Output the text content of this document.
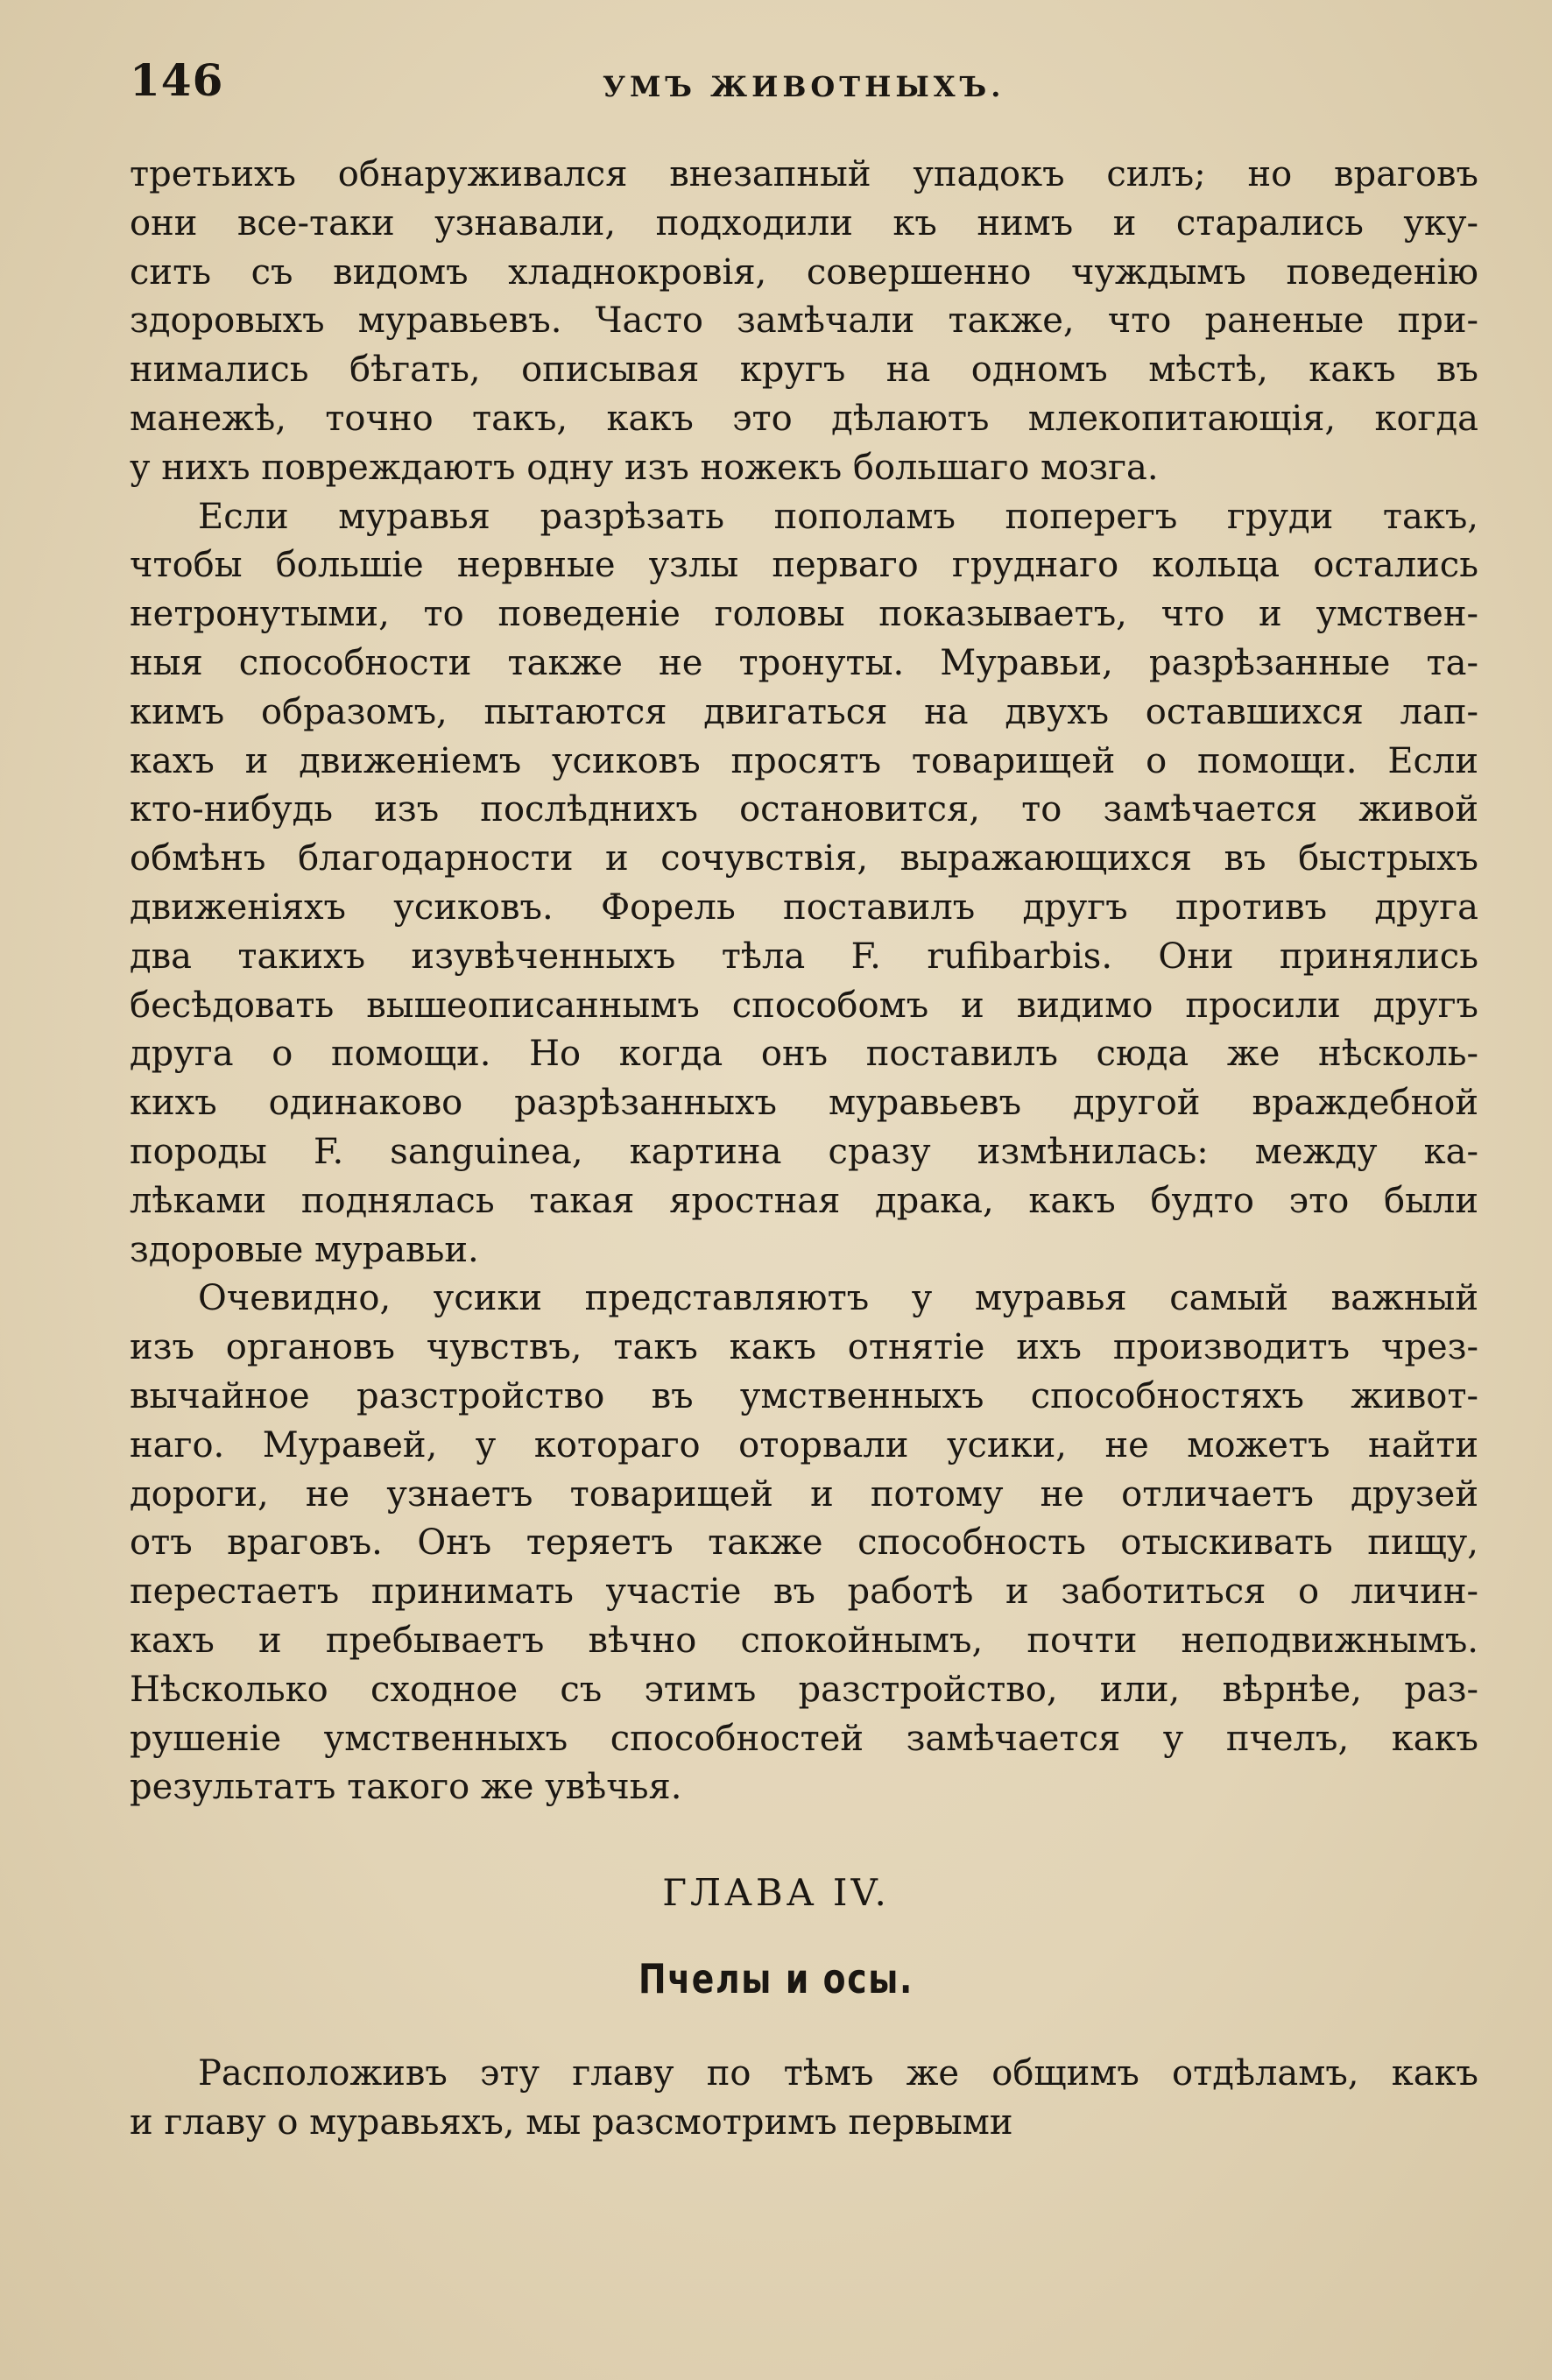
146	УМЪ ЖИВОТНЫХЪ.
третьихъ обнаруживался внезапный упадокъ силъ; но враговъ
они все-таки узнавали, подходили къ нимъ и старались уку-
сить съ видомъ хладнокровія, совершенно чуждымъ поведенію
здоровыхъ муравьевъ. Часто замѣчали также, что раненые при-
нимались бѣгать, описывая кругъ на одномъ мѣстѣ, какъ въ
манежѣ, точно такъ, какъ это дѣлаютъ млекопитающія, когда
у нихъ повреждаютъ одну изъ ножекъ большаго мозга.
Если муравья разрѣзать пополамъ поперегъ груди такъ,
чтобы большіе нервные узлы перваго груднаго кольца остались
нетронутыми, то поведеніе головы показываетъ, что и умствен-
ныя способности также не тронуты. Муравьи, разрѣзанные та-
кимъ образомъ, пытаются двигаться на двухъ оставшихся лап-
кахъ и движеніемъ усиковъ просятъ товарищей о помощи. Если
кто-нибудь изъ послѣднихъ остановится, то замѣчается живой
обмѣнъ благодарности и сочувствія, выражающихся въ быстрыхъ
движеніяхъ усиковъ. Форель поставилъ другъ противъ друга
два такихъ изувѣченныхъ тѣла F. rufibarbis. Они принялись
бесѣдовать вышеописаннымъ способомъ и видимо просили другъ
друга о помощи. Но когда онъ поставилъ сюда же нѣсколь-
кихъ одинаково разрѣзанныхъ муравьевъ другой враждебной
породы F. sanguinea, картина сразу измѣнилась: между ка-
лѣками поднялась такая яростная драка, какъ будто это были
здоровые муравьи.
Очевидно, усики представляютъ у муравья самый важный
изъ органовъ чувствъ, такъ какъ отнятіе ихъ производитъ чрез-
вычайное разстройство въ умственныхъ способностяхъ живот-
наго. Муравей, у котораго оторвали усики, не можетъ найти
дороги, не узнаетъ товарищей и потому не отличаетъ друзей
отъ враговъ. Онъ теряетъ также способность отыскивать пищу,
перестаетъ принимать участіе въ работѣ и заботиться о личин-
кахъ и пребываетъ вѣчно спокойнымъ, почти неподвижнымъ.
Нѣсколько сходное съ этимъ разстройство, или, вѣрнѣе, раз-
рушеніе умственныхъ способностей замѣчается у пчелъ, какъ
результатъ такого же увѣчья.
ГЛАВА IV.
Пчелы и осы.
Расположивъ эту главу по тѣмъ же общимъ отдѣламъ, какъ
и главу о муравьяхъ, мы разсмотримъ первыми
